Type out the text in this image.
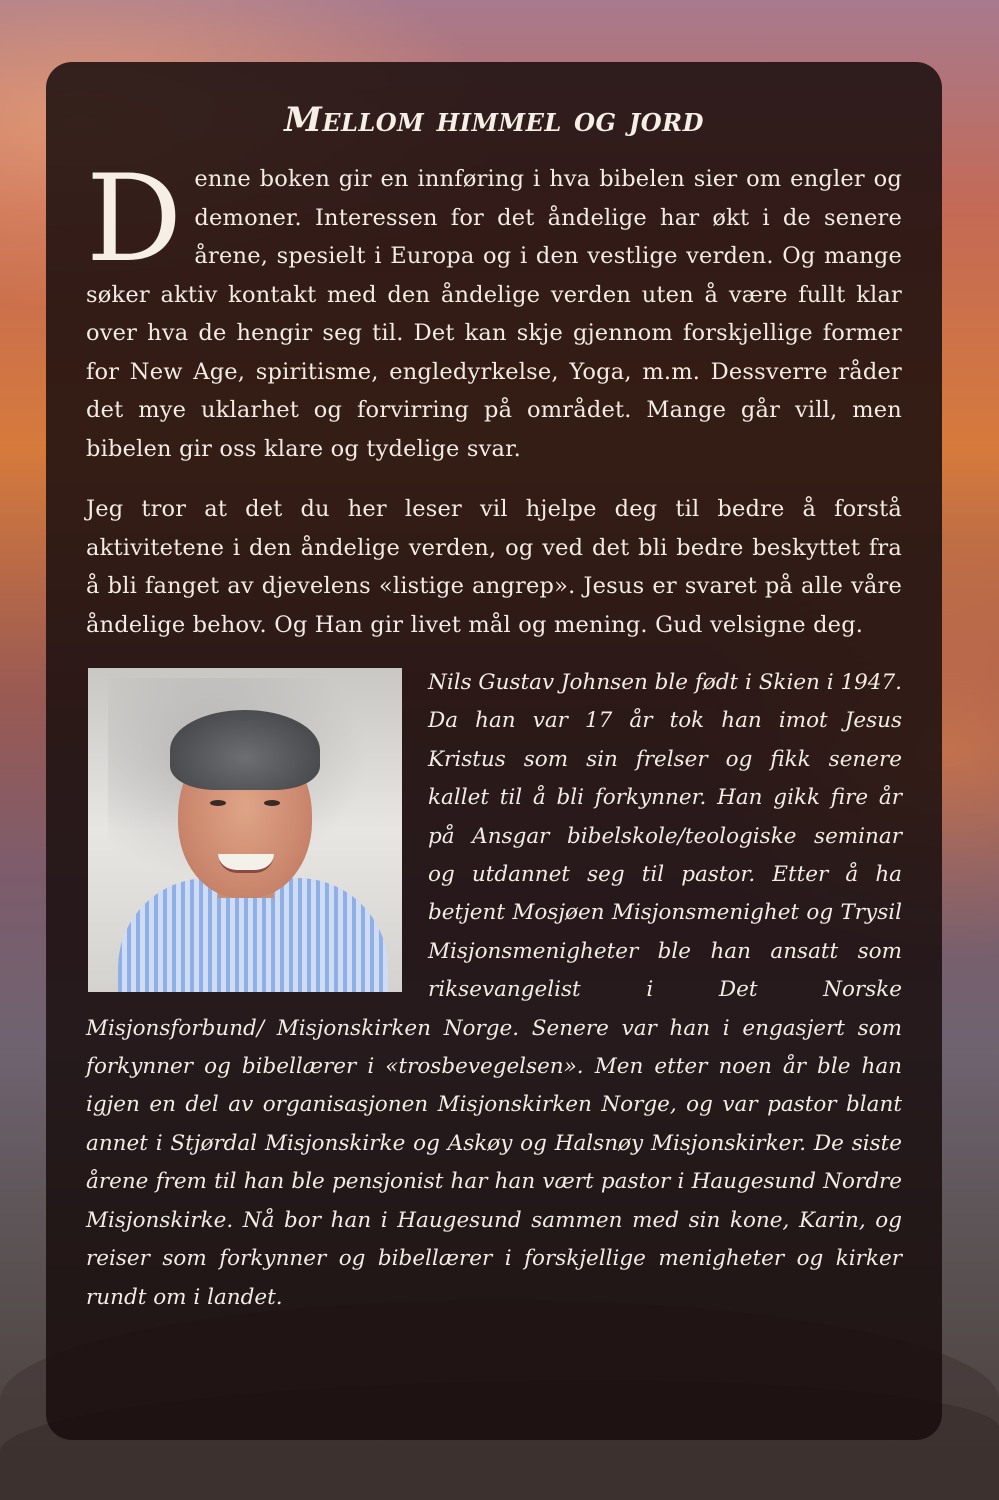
Mellom himmel og jord

Denne boken gir en innføring i hva bibelen sier om engler og demoner. Interessen for det åndelige har økt i de senere årene, spesielt i Europa og i den vestlige verden. Og mange søker aktiv kontakt med den åndelige verden uten å være fullt klar over hva de hengir seg til. Det kan skje gjennom forskjellige former for New Age, spiritisme, engledyrkelse, Yoga, m.m. Dessverre råder det mye uklarhet og forvirring på området. Mange går vill, men bibelen gir oss klare og tydelige svar.

Jeg tror at det du her leser vil hjelpe deg til bedre å forstå aktivitetene i den åndelige verden, og ved det bli bedre beskyttet fra å bli fanget av djevelens «listige angrep». Jesus er svaret på alle våre åndelige behov. Og Han gir livet mål og mening. Gud velsigne deg.

Nils Gustav Johnsen ble født i Skien i 1947. Da han var 17 år tok han imot Jesus Kristus som sin frelser og fikk senere kallet til å bli forkynner. Han gikk fire år på Ansgar bibelskole/teologiske seminar og utdannet seg til pastor. Etter å ha betjent Mosjøen Misjonsmenighet og Trysil Misjonsmenigheter ble han ansatt som riksevangelist i Det Norske Misjonsforbund/ Misjonskirken Norge. Senere var han i engasjert som forkynner og bibellærer i «trosbevegelsen». Men etter noen år ble han igjen en del av organisasjonen Misjonskirken Norge, og var pastor blant annet i Stjørdal Misjonskirke og Askøy og Halsnøy Misjonskirker. De siste årene frem til han ble pensjonist har han vært pastor i Haugesund Nordre Misjonskirke. Nå bor han i Haugesund sammen med sin kone, Karin, og reiser som forkynner og bibellærer i forskjellige menigheter og kirker rundt om i landet.
